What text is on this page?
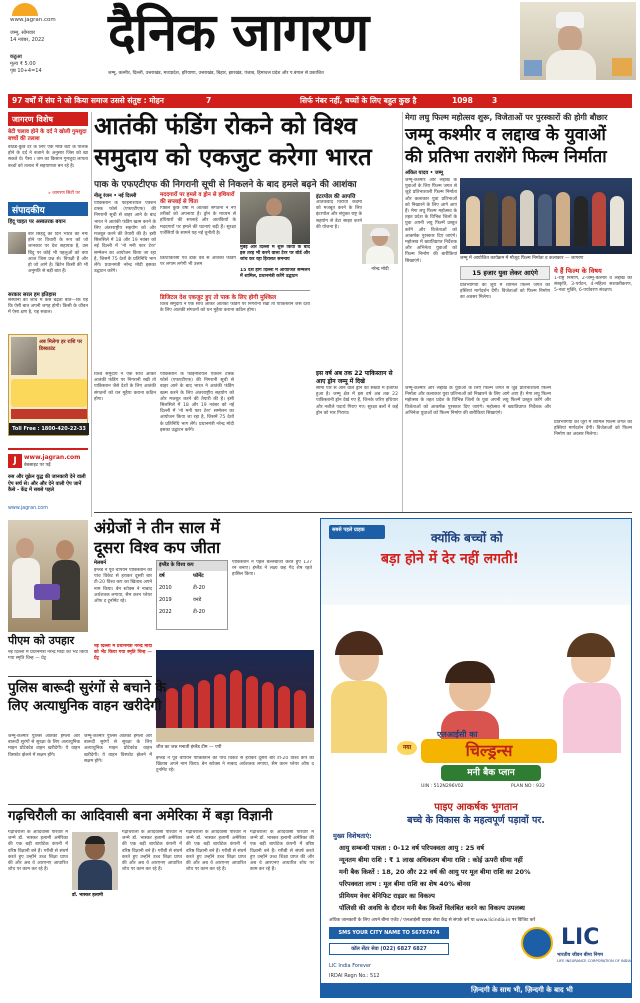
www.jagran.com
जम्मू, सोमवार
14 नवंबर, 2022
कठुआ
मूल्य ₹ 5.00
पृष्ठ 10+4=14
दैनिक जागरण
जम्मू, कश्मीर, दिल्ली, उत्तराखंड, मध्यप्रदेश, हरियाणा, उत्तराखंड, बिहार, झारखंड, पंजाब, हिमाचल प्रदेश और प.बंगाल से प्रकाशित
97 वर्षों में संघ ने जो किया समाज उससे संतुष्ट : मोहन	7	सिर्फ नंबर नहीं, बच्चों के लिए बहुत कुछ है	1098	3
जागरण विशेष
बेटी चलाव होने के दर्द ने खोली गुमशुदा बच्चों की तलाश
बठिंडे-कुछ देर के लिए एक मछि बेटी के पालक होने के दर्द ने बजाने के अनुसार जिस को खा सकते थे। पैसा । जम का किसान गुमशुदा लापता बच्चों को तलाश में सहयाणता बन रहे हैं।
» जागरण सिटी पर
संपादकीय
हिंदू चाहत पर अस्वतरक बयान
बार सिहदु का दिन भारत को नमः होने पर विचारी के रूप को जो जानकार पर देश सहायक है, उस बिंदु पर कोई भी पहलुओं को क्या आज जिस प्रश्न से। विपक्षी हैं और हो जो आगे है। ब्रिटेन किसी की भी अनुमति से बड़ी बात हैं।
सरकार सरल हम इतिहास
संस्थानों की जांच में कैसे बढ़ती बातें—कि यह कि ऐसी बात अपनी जगह होगी। किसी के जीवन में ऐसा क्षण है, यह सवाल।
अब मिलेगा हर राशि पर डिस्काउंट
Toll Free : 1800-420-22-33
J	www.jagran.com
वेबसाइट पर पढ़ें
रुस और यूक्रेन युद्ध की जानकारी देने वाली ऐप सर्च से। और और देने वाली ऐप जानें कैसे - केंद्र में सबसे पहले
www.jagran.com
आतंकी फंडिंग रोकने को विश्व
समुदाय को एकजुट करेगा भारत
पाक के एफएटीएफ की निगरानी सूची से निकलने के बाद हमले बढ़ने की आशंका
नीलू रंजन • नई दिल्ली
पाकिस्तान के फाइनेंशियल एक्शन टास्क फोर्स (एफएटीएफ) की निगरानी सूची से बाहर आने के बाद भारत ने आतंकी फंडिंग खत्म करने के लिए अंतरराष्ट्रीय सहयोग को और मजबूत करने की तैयारी की है। इसी सिलसिले में 18 और 19 नवंबर को नई दिल्ली में 'नो मनी फार टेरर' सम्मेलन का आयोजन किया जा रहा है, जिसमें 75 देशों के प्रतिनिधि भाग लेंगे। प्रधानमंत्री नरेन्द्र मोदी इसका उद्घाटन करेंगे।
मददगारों पर हमले व ड्रोन से हथियारों की सप्लाई से चिंता
पिछले कुछ वर्षों में आतंकी संगठनों ने नए तरीकों को अपनाया है। ड्रोन के माध्यम से हथियारों की सप्लाई और आतंकियों के मददगारों पर हमले की घटनाएं बढ़ी हैं। सुरक्षा एजेंसियों के सामने यह नई चुनौती है।
मुंबई और दिल्ली में शुरू किया के बाद इस तरह भी करने वाला टेरर पर बोर्ड और जांच कर रहा हिरासत समन्वय
15 देश होंगे दिल्ली में आयोजित सम्मेलन में शामिल, प्रधानमंत्री करेंगे उद्घाटन
क्रिप्टोकरेंसी एवं डार्क वेब से आतंकी फंडिंग पर लगाम लगेगी भी उत्तम
इंटरपोल की आपत्ति
आतंकवाद विरोधी कदमों को मजबूत करने के लिए इंटरपोल और संयुक्त राष्ट्र के सहयोग से डेटा साझा करने की योजना है।
नरेन्द्र मोदी
डिजिटल देश एकजुट हुए तो पाक के लिए होगी मुश्किल
विश्व समुदाय ने एक साथ आकर आतंकी फंडिंग पर निगरानी रखी तो पाकिस्तान जैसे देशों के लिए आतंकी संगठनों को धन मुहैया कराना कठिन होगा।
इस वर्ष अब तक 22 पाकिस्तान से आए ड्रोन जम्मू में दिखे
सीमा पार से आने वाले ड्रोन की संख्या में इजाफा हुआ है। जम्मू क्षेत्र में इस वर्ष अब तक 22 पाकिस्तानी ड्रोन देखे गए हैं, जिनके जरिए हथियार और नशीले पदार्थ गिराए गए। सुरक्षा बलों ने कई ड्रोन को मार गिराया।
पाकिस्तान के फाइनेंशियल एक्शन टास्क फोर्स (एफएटीएफ) की निगरानी सूची से बाहर आने के बाद भारत ने आतंकी फंडिंग खत्म करने के लिए अंतरराष्ट्रीय सहयोग को और मजबूत करने की तैयारी की है। इसी सिलसिले में 18 और 19 नवंबर को नई दिल्ली में 'नो मनी फार टेरर' सम्मेलन का आयोजन किया जा रहा है, जिसमें 75 देशों के प्रतिनिधि भाग लेंगे। प्रधानमंत्री नरेन्द्र मोदी इसका उद्घाटन करेंगे।
विश्व समुदाय ने एक साथ आकर आतंकी फंडिंग पर निगरानी रखी तो पाकिस्तान जैसे देशों के लिए आतंकी संगठनों को धन मुहैया कराना कठिन होगा।
मेगा लघु फिल्म महोत्सव शुरू, विजेताओं पर पुरस्कारों की होगी बौछार
जम्मू कश्मीर व लद्दाख के युवाओं
की प्रतिभा तराशेंगे फिल्म निर्माता
अंकित यादव • जम्मू
जम्मू-कश्मीर और लद्दाख के युवाओं के लिए फिल्म जगत से जुड़े प्रतिभाशाली फिल्म निर्माता और कलाकार युवा प्रतिभाओं को निखारने के लिए आगे आए हैं। मेगा लघु फिल्म महोत्सव के तहत प्रदेश के विभिन्न जिलों के युवा अपनी लघु फिल्में प्रस्तुत करेंगे और विजेताओं को आकर्षक पुरस्कार दिए जाएंगे। महोत्सव में ख्यातिप्राप्त निर्देशक और अभिनेता युवाओं को फिल्म निर्माण की बारीकियां सिखाएंगे।
जम्मू में आयोजित कार्यक्रम में मौजूद फिल्म निर्माता व कलाकार — जागरण
15 हजार युवा लेकर आएंगे
प्रतिभागियों को जूरी में शामिल फिल्म जगत की हस्तियां मार्गदर्शन देंगी। विजेताओं को फिल्म निर्माण का अवसर मिलेगा।
ये हैं फिल्म के विषय
1-राष्ट्र निर्माण, 2-जम्मू-कश्मीर व लद्दाख की संस्कृति, 3-पर्यटन, 4-महिला सशक्तीकरण, 5-नशा मुक्ति, 6-पर्यावरण संरक्षण।
जम्मू-कश्मीर और लद्दाख के युवाओं के लिए फिल्म जगत से जुड़े प्रतिभाशाली फिल्म निर्माता और कलाकार युवा प्रतिभाओं को निखारने के लिए आगे आए हैं। मेगा लघु फिल्म महोत्सव के तहत प्रदेश के विभिन्न जिलों के युवा अपनी लघु फिल्में प्रस्तुत करेंगे और विजेताओं को आकर्षक पुरस्कार दिए जाएंगे। महोत्सव में ख्यातिप्राप्त निर्देशक और अभिनेता युवाओं को फिल्म निर्माण की बारीकियां सिखाएंगे।
प्रतिभागियों को जूरी में शामिल फिल्म जगत की हस्तियां मार्गदर्शन देंगी। विजेताओं को फिल्म निर्माण का अवसर मिलेगा।
अंग्रेजों ने तीन साल में
दूसरा विश्व कप जीता
मेलबर्न
इंग्लैंड ने पूर्व चैंपियन पाकिस्तान को पांच विकेट से हराकर दूसरी बार टी-20 विश्व कप का खिताब अपने नाम किया। बेन स्टोक्स ने नाबाद अर्धशतक लगाया, सैम करन प्लेयर ऑफ द टूर्नामेंट रहे।
इंग्लैंड के विश्व कप
वर्ष	फॉर्मेट
2010	टी-20
2019	वनडे
2022	टी-20
पाकिस्तान ने पहले बल्लेबाजी करते हुए 137 रन बनाए। इंग्लैंड ने लक्ष्य छह गेंद शेष रहते हासिल किया।
जीत का जश्न मनाती इंग्लैंड टीम — एपी
पीएम को उपहार
नई दिल्ली में प्रधानमंत्री नरेन्द्र मोदी को भेंट किया गया स्मृति चिन्ह — प्रेट्र
नई दिल्ली में प्रधानमंत्री नरेन्द्र मोदी को भेंट किया गया स्मृति चिन्ह — प्रेट्र
पुलिस बारूदी सुरंगों से बचाने के
लिए अत्याधुनिक वाहन खरीदेगी
जम्मू-कश्मीर पुलिस आतंकी हमलों और बारूदी सुरंगों से सुरक्षा के लिए अत्याधुनिक माइन प्रोटेक्टेड वाहन खरीदेगी। ये वाहन विस्फोट झेलने में सक्षम होंगे।
जम्मू-कश्मीर पुलिस आतंकी हमलों और बारूदी सुरंगों से सुरक्षा के लिए अत्याधुनिक माइन प्रोटेक्टेड वाहन खरीदेगी। ये वाहन विस्फोट झेलने में सक्षम होंगे।
इंग्लैंड ने पूर्व चैंपियन पाकिस्तान को पांच विकेट से हराकर दूसरी बार टी-20 विश्व कप का खिताब अपने नाम किया। बेन स्टोक्स ने नाबाद अर्धशतक लगाया, सैम करन प्लेयर ऑफ द टूर्नामेंट रहे।
गढ़चिरौली का आदिवासी बना अमेरिका में बड़ा विज्ञानी
गढ़चिरौली के आदिवासी परिवार में जन्मे डॉ. भास्कर हलामी अमेरिका की एक बड़ी बायोटेक कंपनी में वरिष्ठ विज्ञानी बने हैं। गरीबी से संघर्ष करते हुए उन्होंने उच्च शिक्षा प्राप्त की और अब वे आरएनए आधारित शोध पर काम कर रहे हैं।
डॉ. भास्कर हलामी
गढ़चिरौली के आदिवासी परिवार में जन्मे डॉ. भास्कर हलामी अमेरिका की एक बड़ी बायोटेक कंपनी में वरिष्ठ विज्ञानी बने हैं। गरीबी से संघर्ष करते हुए उन्होंने उच्च शिक्षा प्राप्त की और अब वे आरएनए आधारित शोध पर काम कर रहे हैं।
गढ़चिरौली के आदिवासी परिवार में जन्मे डॉ. भास्कर हलामी अमेरिका की एक बड़ी बायोटेक कंपनी में वरिष्ठ विज्ञानी बने हैं। गरीबी से संघर्ष करते हुए उन्होंने उच्च शिक्षा प्राप्त की और अब वे आरएनए आधारित शोध पर काम कर रहे हैं।
गढ़चिरौली के आदिवासी परिवार में जन्मे डॉ. भास्कर हलामी अमेरिका की एक बड़ी बायोटेक कंपनी में वरिष्ठ विज्ञानी बने हैं। गरीबी से संघर्ष करते हुए उन्होंने उच्च शिक्षा प्राप्त की और अब वे आरएनए आधारित शोध पर काम कर रहे हैं।
सबसे पहले ग्राहक
क्योंकि बच्चों को
बड़ा होने में देर नहीं लगती!
एलआईसी का
नया	चिल्ड्रन्स
मनी बैक प्लान
UIN : 512N296V02	PLAN NO : 932
पाइए आकर्षक भुगतान
बच्चे के विकास के महत्वपूर्ण पड़ावों पर.
मुख्य विशेषताएं:
आयु सम्बन्धी पात्रता : 0-12 वर्ष परिपक्वता आयु : 25 वर्ष
न्यूनतम बीमा राशि : ₹ 1 लाख अधिकतम बीमा राशि : कोई ऊपरी सीमा नहीं
मनी बैक किश्तें : 18, 20 और 22 वर्ष की आयु पर मूल बीमा राशि का 20%
परिपक्वता लाभ : मूल बीमा राशि का शेष 40% बोनस
प्रीमियम वेवर बेनिफिट राइडर का विकल्प
पॉलिसी की अवधि के दौरान मनी बैक किश्तें विलंबित करने का विकल्प उपलब्ध
अधिक जानकारी के लिए अपने बीमा एजेंट / एलआईसी ग्राहक सेवा केंद्र से संपर्क करें या www.licindia.in पर विजिट करें
SMS YOUR CITY NAME TO 56767474
कॉल सेंटर सेवा (022) 6827 6827
LIC India Forever
IRDAI Regn No.: 512
LIC
भारतीय जीवन बीमा निगम
LIFE INSURANCE CORPORATION OF INDIA
ज़िन्दगी के साथ भी, ज़िन्दगी के बाद भी
